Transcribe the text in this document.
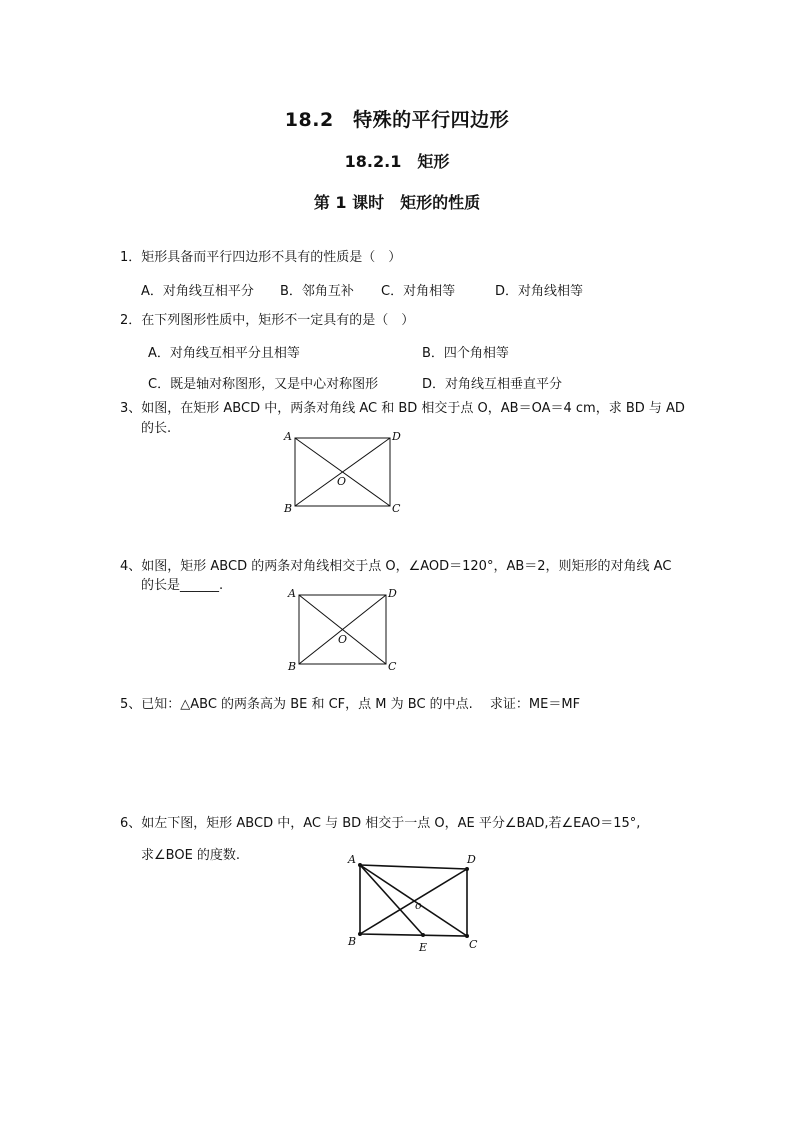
18.2　特殊的平行四边形
18.2.1　矩形
第 1 课时　矩形的性质
1．矩形具备而平行四边形不具有的性质是（　）
A．对角线互相平分 B．邻角互补 C．对角相等	D．对角线相等
2．在下列图形性质中，矩形不一定具有的是（　）
A．对角线互相平分且相等	B．四个角相等
C．既是轴对称图形，又是中心对称图形	D．对角线互相垂直平分
3、如图，在矩形 ABCD 中，两条对角线 AC 和 BD 相交于点 O，AB＝OA＝4 cm，求 BD 与 AD
的长.
A	D
B	C
O
4、如图，矩形 ABCD 的两条对角线相交于点 O，∠AOD＝120°，AB＝2，则矩形的对角线 AC
的长是______.
A	D
B	C
O
5、已知：△ABC 的两条高为 BE 和 CF，点 M 为 BC 的中点.　 求证：ME＝MF
6、如左下图，矩形 ABCD 中，AC 与 BD 相交于一点 O，AE 平分∠BAD,若∠EAO＝15°,
求∠BOE 的度数.	A	D
B	C
E
o
